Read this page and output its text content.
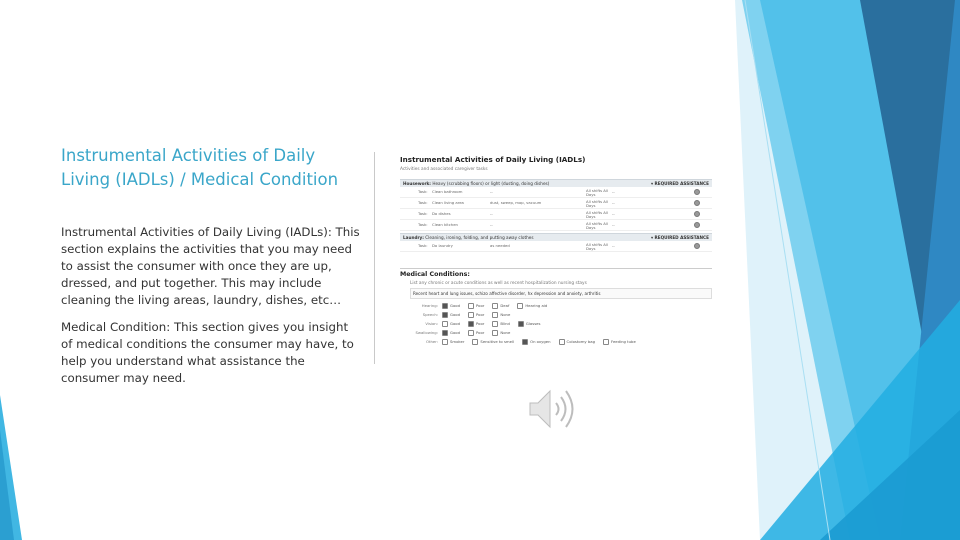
Instrumental Activities of Daily Living (IADLs) / Medical Condition

Instrumental Activities of Daily Living (IADLs): This section explains the activities that you may need to assist the consumer with once they are up, dressed, and put together. This may include cleaning the living areas, laundry, dishes, etc…

Medical Condition: This section gives you insight of medical conditions the consumer may have, to help you understand what assistance the consumer may need.

Instrumental Activities of Daily Living (IADLs)
Activities and associated caregiver tasks
Housework: Heavy (scrubbing floors) or light (dusting, doing dishes)	▾ REQUIRED ASSISTANCE
Task: Clean bathroom	--	All shifts All Days
--
Task: Clean living area	dust, sweep, mop, vacuum	All shifts All Days
--
Task: Do dishes	--	All shifts All Days
--
Task: Clean kitchen	--	All shifts All Days
--
Laundry: Cleaning, ironing, folding, and putting away clothes	▾ REQUIRED ASSISTANCE
Task: Do laundry	as needed	All shifts All Days
--
Medical Conditions:
List any chronic or acute conditions as well as recent hospitalization nursing stays
Recent heart and lung issues, schizo affective disorder, hx depression and anxiety, arthritis
Hearing:	Good	Poor	Deaf	Hearing aid
Speech:	Good	Poor	None
Vision:	Good	Poor	Blind	Glasses
Swallowing:	Good	Poor	None
Other:	Smoker	Sensitive to smell	On oxygen	Colostomy bag	Feeding tube
